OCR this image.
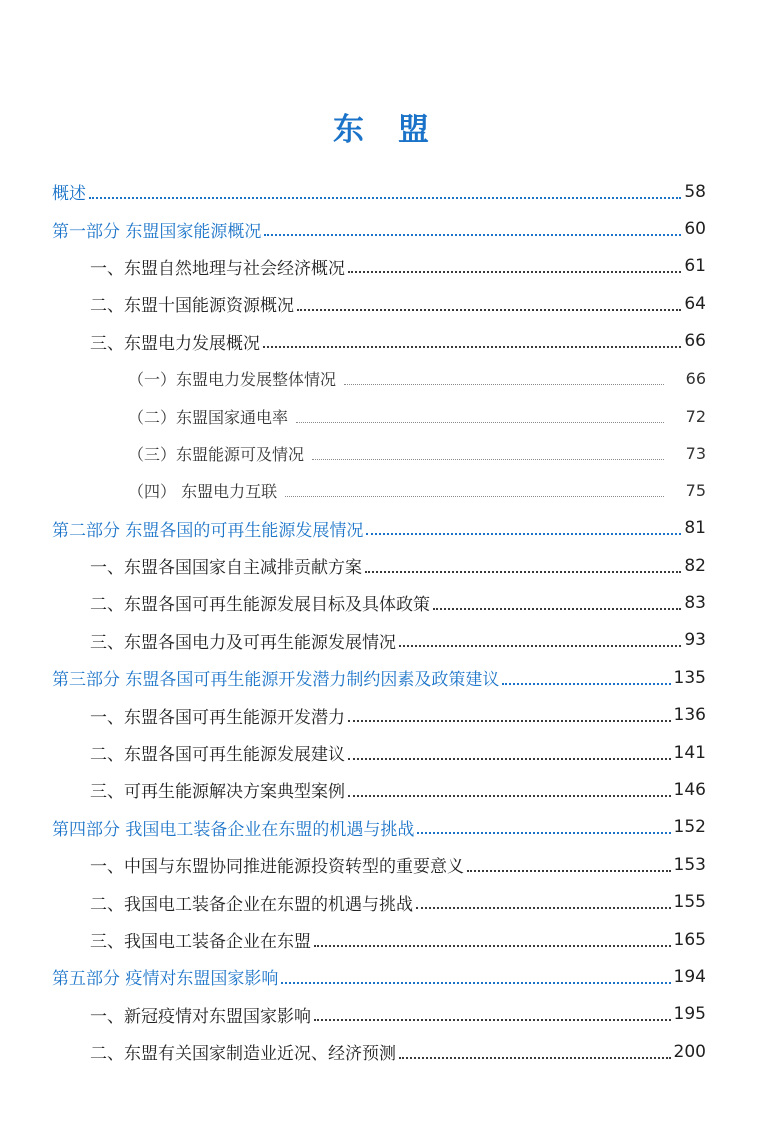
东盟
概述	58
第一部分 东盟国家能源概况	60
一、东盟自然地理与社会经济概况	61
二、东盟十国能源资源概况	64
三、东盟电力发展概况	66
（一）东盟电力发展整体情况	66
（二）东盟国家通电率	72
（三）东盟能源可及情况	73
（四） 东盟电力互联	75
第二部分 东盟各国的可再生能源发展情况	81
一、东盟各国国家自主减排贡献方案	82
二、东盟各国可再生能源发展目标及具体政策	83
三、东盟各国电力及可再生能源发展情况	93
第三部分 东盟各国可再生能源开发潜力制约因素及政策建议	135
一、东盟各国可再生能源开发潜力	136
二、东盟各国可再生能源发展建议	141
三、可再生能源解决方案典型案例	146
第四部分 我国电工装备企业在东盟的机遇与挑战	152
一、中国与东盟协同推进能源投资转型的重要意义	153
二、我国电工装备企业在东盟的机遇与挑战	155
三、我国电工装备企业在东盟	165
第五部分 疫情对东盟国家影响	194
一、新冠疫情对东盟国家影响	195
二、东盟有关国家制造业近况、经济预测	200
